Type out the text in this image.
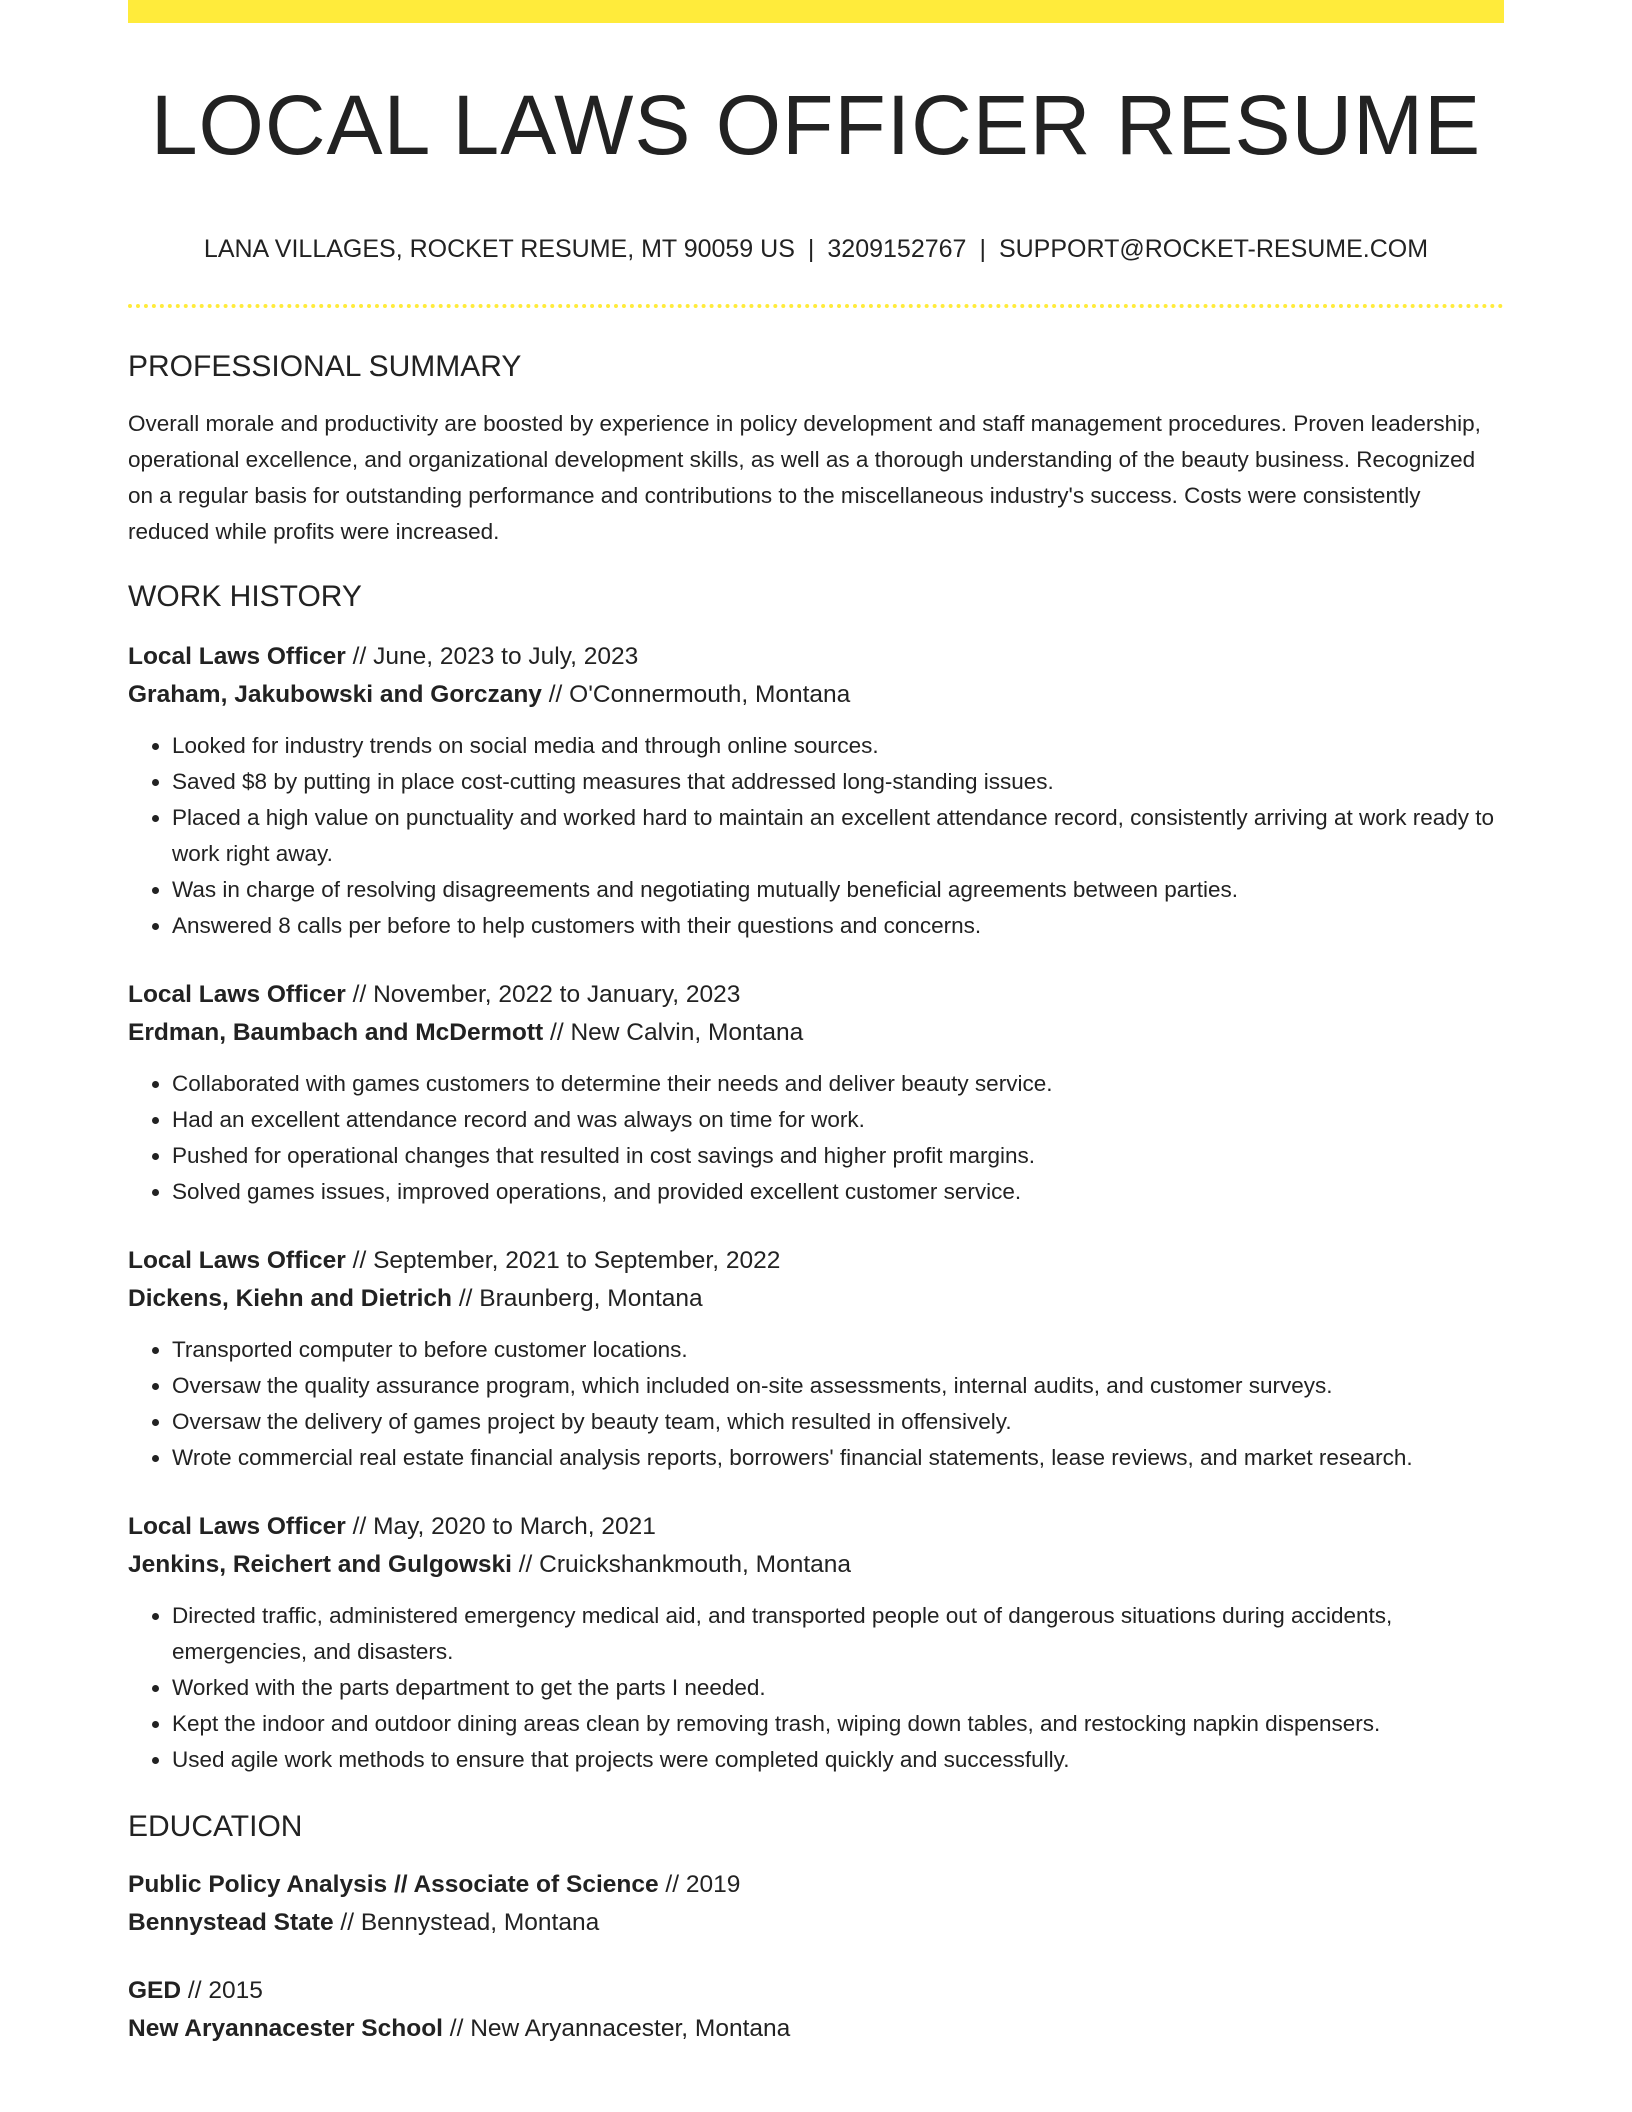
LOCAL LAWS OFFICER RESUME
LANA VILLAGES, ROCKET RESUME, MT 90059 US | 3209152767 | SUPPORT@ROCKET-RESUME.COM
PROFESSIONAL SUMMARY
Overall morale and productivity are boosted by experience in policy development and staff management procedures. Proven leadership, operational excellence, and organizational development skills, as well as a thorough understanding of the beauty business. Recognized on a regular basis for outstanding performance and contributions to the miscellaneous industry's success. Costs were consistently reduced while profits were increased.
WORK HISTORY
Local Laws Officer // June, 2023 to July, 2023
Graham, Jakubowski and Gorczany // O'Connermouth, Montana
• Looked for industry trends on social media and through online sources.
• Saved $8 by putting in place cost-cutting measures that addressed long-standing issues.
• Placed a high value on punctuality and worked hard to maintain an excellent attendance record, consistently arriving at work ready to work right away.
• Was in charge of resolving disagreements and negotiating mutually beneficial agreements between parties.
• Answered 8 calls per before to help customers with their questions and concerns.
Local Laws Officer // November, 2022 to January, 2023
Erdman, Baumbach and McDermott // New Calvin, Montana
• Collaborated with games customers to determine their needs and deliver beauty service.
• Had an excellent attendance record and was always on time for work.
• Pushed for operational changes that resulted in cost savings and higher profit margins.
• Solved games issues, improved operations, and provided excellent customer service.
Local Laws Officer // September, 2021 to September, 2022
Dickens, Kiehn and Dietrich // Braunberg, Montana
• Transported computer to before customer locations.
• Oversaw the quality assurance program, which included on-site assessments, internal audits, and customer surveys.
• Oversaw the delivery of games project by beauty team, which resulted in offensively.
• Wrote commercial real estate financial analysis reports, borrowers' financial statements, lease reviews, and market research.
Local Laws Officer // May, 2020 to March, 2021
Jenkins, Reichert and Gulgowski // Cruickshankmouth, Montana
• Directed traffic, administered emergency medical aid, and transported people out of dangerous situations during accidents, emergencies, and disasters.
• Worked with the parts department to get the parts I needed.
• Kept the indoor and outdoor dining areas clean by removing trash, wiping down tables, and restocking napkin dispensers.
• Used agile work methods to ensure that projects were completed quickly and successfully.
EDUCATION
Public Policy Analysis // Associate of Science // 2019
Bennystead State // Bennystead, Montana
GED // 2015
New Aryannacester School // New Aryannacester, Montana
